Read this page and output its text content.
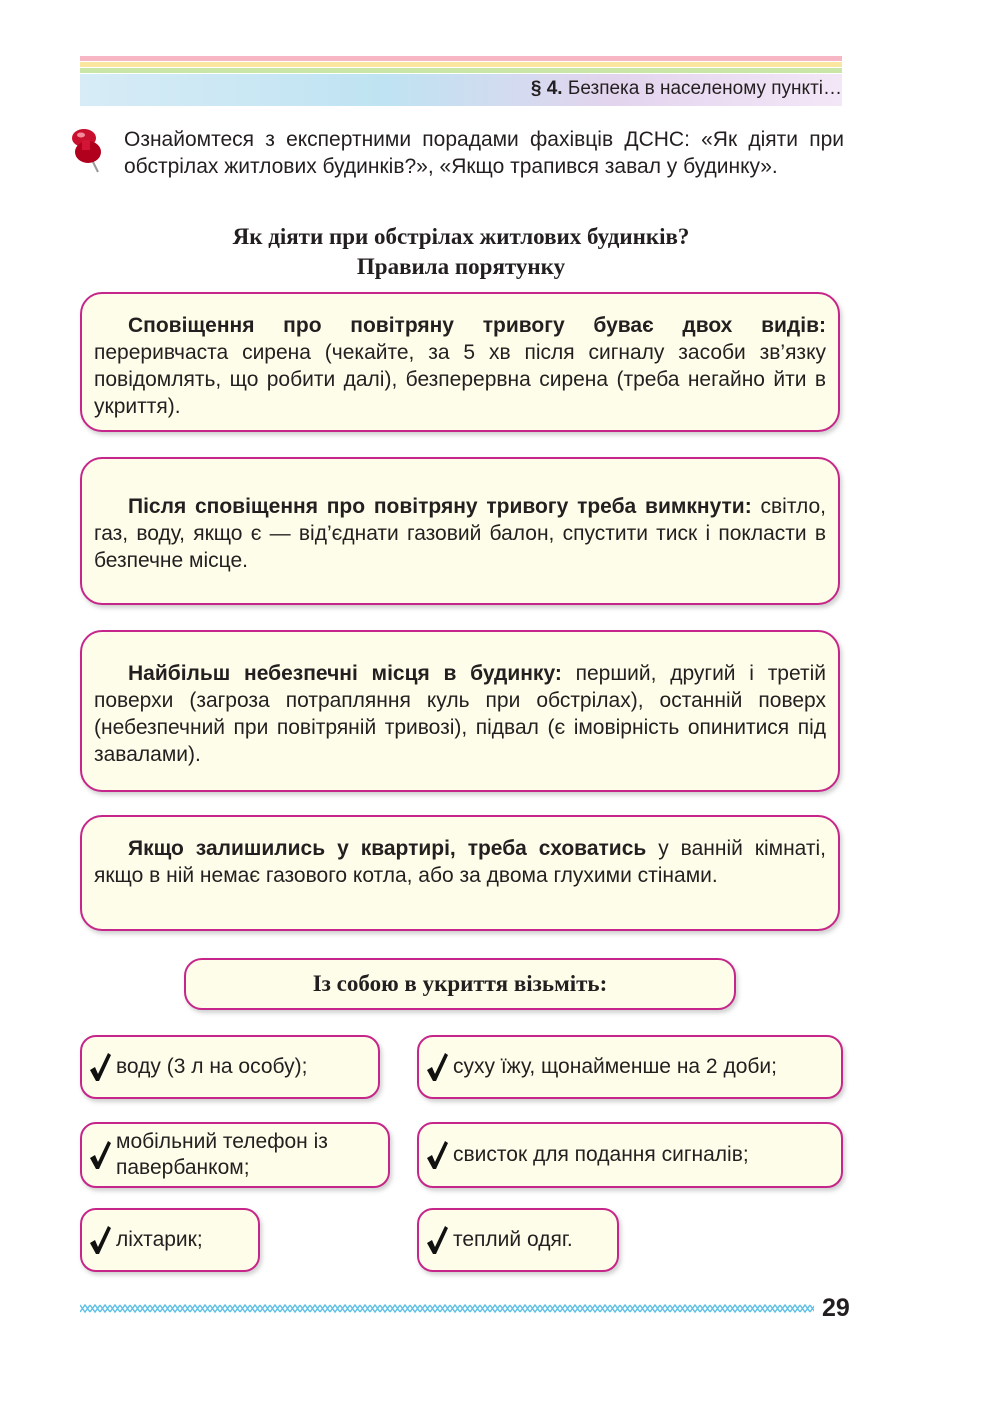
§ 4. Безпека в населеному пункті…
Ознайомтеся з експертними порадами фахівців ДСНС: «Як діяти при обстрілах житлових будинків?», «Якщо трапився завал у будинку».
Як діяти при обстрілах житлових будинків?
Правила порятунку

Сповіщення про повітряну тривогу буває двох видів: переривчаста сирена (чекайте, за 5 хв після сигналу засоби зв’язку повідомлять, що робити далі), безперервна сирена (треба негайно йти в укриття).

Після сповіщення про повітряну тривогу треба вимкнути: світло, газ, воду, якщо є — від’єднати газовий балон, спустити тиск і покласти в безпечне місце.

Найбільш небезпечні місця в будинку: перший, другий і третій поверхи (загроза потрапляння куль при обстрілах), останній поверх (небезпечний при повітряній тривозі), підвал (є імовірність опинитися під завалами).

Якщо залишились у квартирі, треба сховатись у ванній кімнаті, якщо в ній немає газового котла, або за двома глухими стінами.

Із собою в укриття візьміть:
воду (3 л на особу);	суху їжу, щонайменше на 2 доби;
мобільний телефон із павербанком;
свисток для подання сигналів;
ліхтарик;	теплий одяг.
29
